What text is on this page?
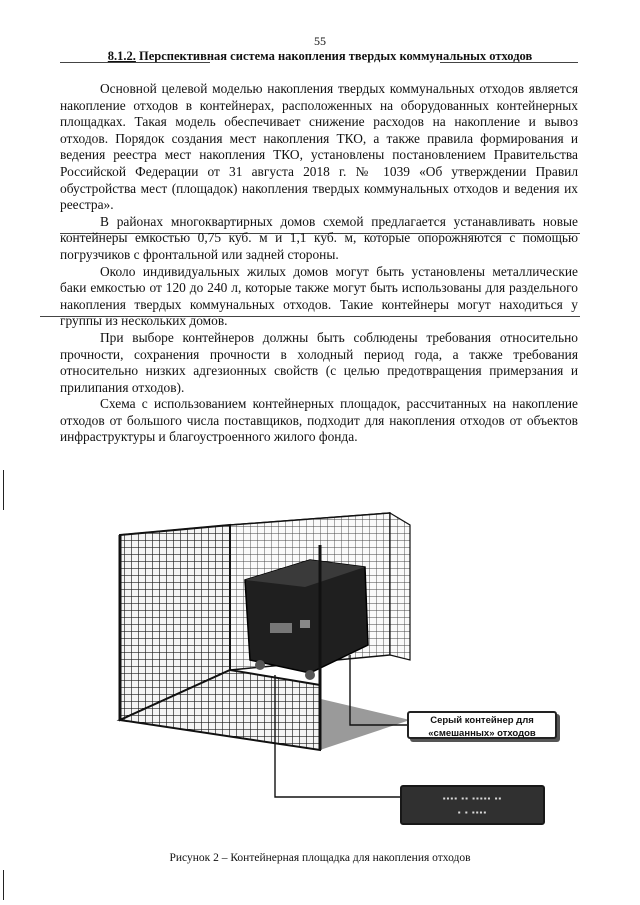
55
8.1.2. Перспективная система накопления твердых коммунальных отходов

Основной целевой моделью накопления твердых коммунальных отходов является накопление отходов в контейнерах, расположенных на оборудованных контейнерных площадках. Такая модель обеспечивает снижение расходов на накопление и вывоз отходов. Порядок создания мест накопления ТКО, а также правила формирования и ведения реестра мест накопления ТКО, установлены постановлением Правительства Российской Федерации от 31 августа 2018 г. № 1039 «Об утверждении Правил обустройства мест (площадок) накопления твердых коммунальных отходов и ведения их реестра».

В районах многоквартирных домов схемой предлагается устанавливать новые контейнеры емкостью 0,75 куб. м и 1,1 куб. м, которые опорожняются с помощью погрузчиков с фронтальной или задней стороны.

Около индивидуальных жилых домов могут быть установлены металлические баки емкостью от 120 до 240 л, которые также могут быть использованы для раздельного накопления твердых коммунальных отходов. Такие контейнеры могут находиться у группы из нескольких домов.

При выборе контейнеров должны быть соблюдены требования относительно прочности, сохранения прочности в холодный период года, а также требования относительно низких адгезионных свойств (с целью предотвращения примерзания и прилипания отходов).

Схема с использованием контейнерных площадок, рассчитанных на накопление отходов от большого числа поставщиков, подходит для накопления отходов от объектов инфраструктуры и благоустроенного жилого фонда.

Серый контейнер для
«смешанных» отходов
▪▪▪▪ ▪▪ ▪▪▪▪▪ ▪▪
▪ ▪ ▪▪▪▪
Рисунок 2 – Контейнерная площадка для накопления отходов
